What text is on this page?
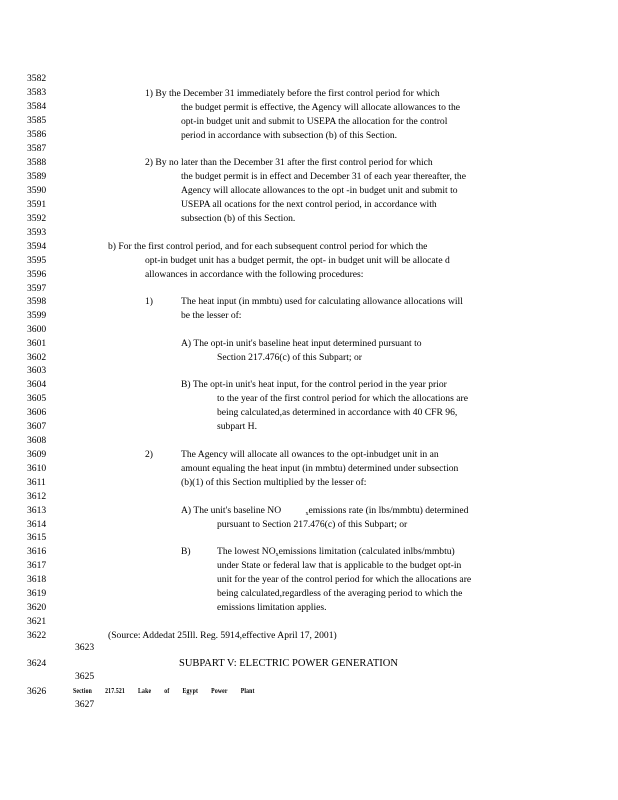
3582
3583
3584
3585
3586
3587
3588
3589
3590
3591
3592
3593
3594
3595
3596
3597
3598
3599
3600
3601
3602
3603
3604
3605
3606
3607
3608
3609
3610
3611
3612
3613
3614
3615
3616
3617
3618
3619
3620
3621
3622
3623
3624
3625
3626
3627
1) By the December 31 immediately before the first control period for which
the budget permit is effective, the Agency will allocate allowances to the
opt-in budget unit and submit to USEPA the allocation for the control
period in accordance with subsection (b) of this Section.
2) By no later than the December 31 after the first control period for which
the budget permit is in effect and December 31 of each year thereafter, the
Agency will allocate allowances to the opt -in budget unit and submit to
USEPA all ocations for the next control period, in accordance with
subsection (b) of this Section.
b) For the first control period, and for each subsequent control period for which the
opt-in budget unit has a budget permit, the opt- in budget unit will be allocate d
allowances in accordance with the following procedures:
1)	The heat input (in mmbtu) used for calculating allowance allocations will
be the lesser of:
A) The opt-in unit's baseline heat input determined pursuant to
Section 217.476(c) of this Subpart; or
B) The opt-in unit's heat input, for the control period in the year prior
to the year of the first control period for which the allocations are
being calculated,as determined in accordance with 40 CFR 96,
subpart H.
2)	The Agency will allocate all owances to the opt-inbudget unit in an
amount equaling the heat input (in mmbtu) determined under subsection
(b)(1) of this Section multiplied by the lesser of:
A) The unit's baseline NO	$_x$emissions rate (in lbs/mmbtu) determined
pursuant to Section 217.476(c) of this Subpart; or
B)	The lowest $NO_xemissions$ limitation (calculated inlbs/mmbtu)
under State or federal law that is applicable to the budget opt-in
unit for the year of the control period for which the allocations are
being calculated,regardless of the averaging period to which the
emissions limitation applies.
(Source: Addedat 25Ill. Reg. 5914,effective April 17, 2001)
SUBPART V: ELECTRIC POWER GENERATION
Section 217.521 Lake of Egypt Power Plant
